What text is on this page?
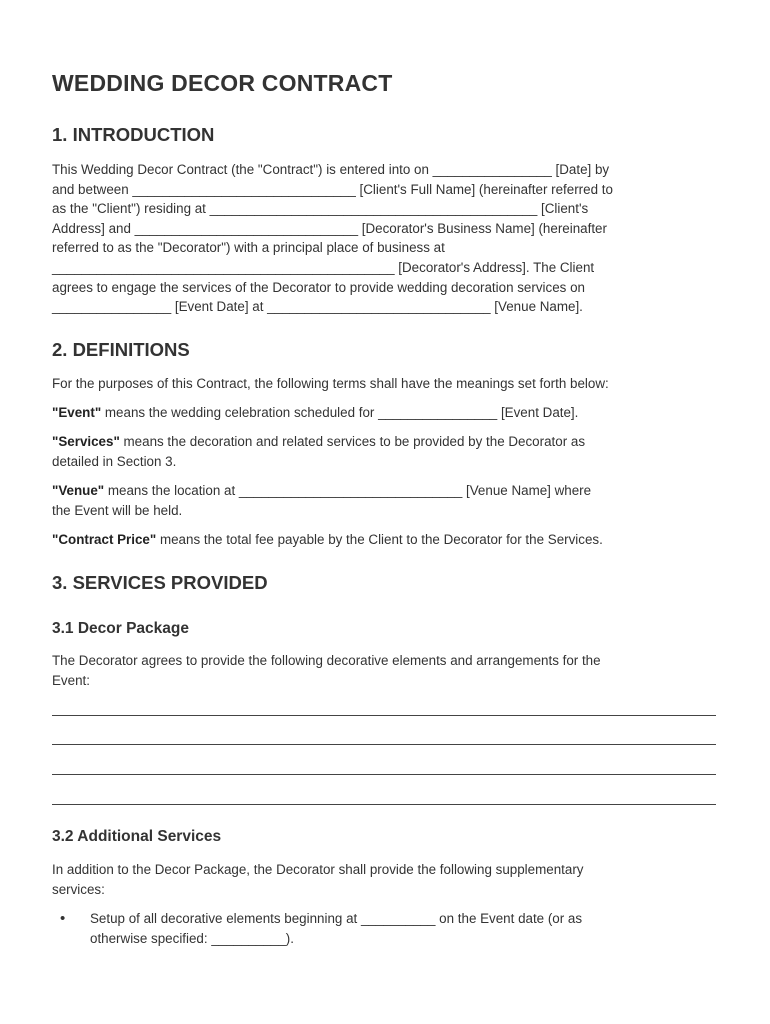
WEDDING DECOR CONTRACT
1. INTRODUCTION
This Wedding Decor Contract (the "Contract") is entered into on ________________ [Date] by
and between ______________________________ [Client's Full Name] (hereinafter referred to
as the "Client") residing at ____________________________________________ [Client's
Address] and ______________________________ [Decorator's Business Name] (hereinafter
referred to as the "Decorator") with a principal place of business at
______________________________________________ [Decorator's Address]. The Client
agrees to engage the services of the Decorator to provide wedding decoration services on
________________ [Event Date] at ______________________________ [Venue Name].
2. DEFINITIONS
For the purposes of this Contract, the following terms shall have the meanings set forth below:
"Event" means the wedding celebration scheduled for ________________ [Event Date].
"Services" means the decoration and related services to be provided by the Decorator as
detailed in Section 3.
"Venue" means the location at ______________________________ [Venue Name] where
the Event will be held.
"Contract Price" means the total fee payable by the Client to the Decorator for the Services.
3. SERVICES PROVIDED
3.1 Decor Package
The Decorator agrees to provide the following decorative elements and arrangements for the
Event:
3.2 Additional Services
In addition to the Decor Package, the Decorator shall provide the following supplementary
services:
• Setup of all decorative elements beginning at __________ on the Event date (or as
otherwise specified: __________).
